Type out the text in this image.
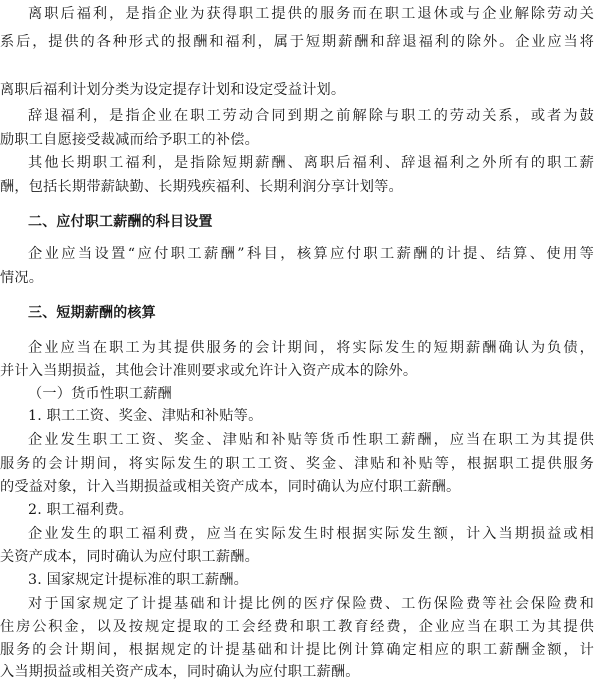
离职后福利，是指企业为获得职工提供的服务而在职工退休或与企业解除劳动关
系后，提供的各种形式的报酬和福利，属于短期薪酬和辞退福利的除外。企业应当将
离职后福利计划分类为设定提存计划和设定受益计划。
辞退福利，是指企业在职工劳动合同到期之前解除与职工的劳动关系，或者为鼓
励职工自愿接受裁减而给予职工的补偿。
其他长期职工福利，是指除短期薪酬、离职后福利、辞退福利之外所有的职工薪
酬，包括长期带薪缺勤、长期残疾福利、长期利润分享计划等。
二、应付职工薪酬的科目设置
企业应当设置“应付职工薪酬”科目，核算应付职工薪酬的计提、结算、使用等
情况。
三、短期薪酬的核算
企业应当在职工为其提供服务的会计期间，将实际发生的短期薪酬确认为负债，
并计入当期损益，其他会计准则要求或允许计入资产成本的除外。
（一）货币性职工薪酬
1. 职工工资、奖金、津贴和补贴等。
企业发生职工工资、奖金、津贴和补贴等货币性职工薪酬，应当在职工为其提供
服务的会计期间，将实际发生的职工工资、奖金、津贴和补贴等，根据职工提供服务
的受益对象，计入当期损益或相关资产成本，同时确认为应付职工薪酬。
2. 职工福利费。
企业发生的职工福利费，应当在实际发生时根据实际发生额，计入当期损益或相
关资产成本，同时确认为应付职工薪酬。
3. 国家规定计提标准的职工薪酬。
对于国家规定了计提基础和计提比例的医疗保险费、工伤保险费等社会保险费和
住房公积金，以及按规定提取的工会经费和职工教育经费，企业应当在职工为其提供
服务的会计期间，根据规定的计提基础和计提比例计算确定相应的职工薪酬金额，计
入当期损益或相关资产成本，同时确认为应付职工薪酬。
